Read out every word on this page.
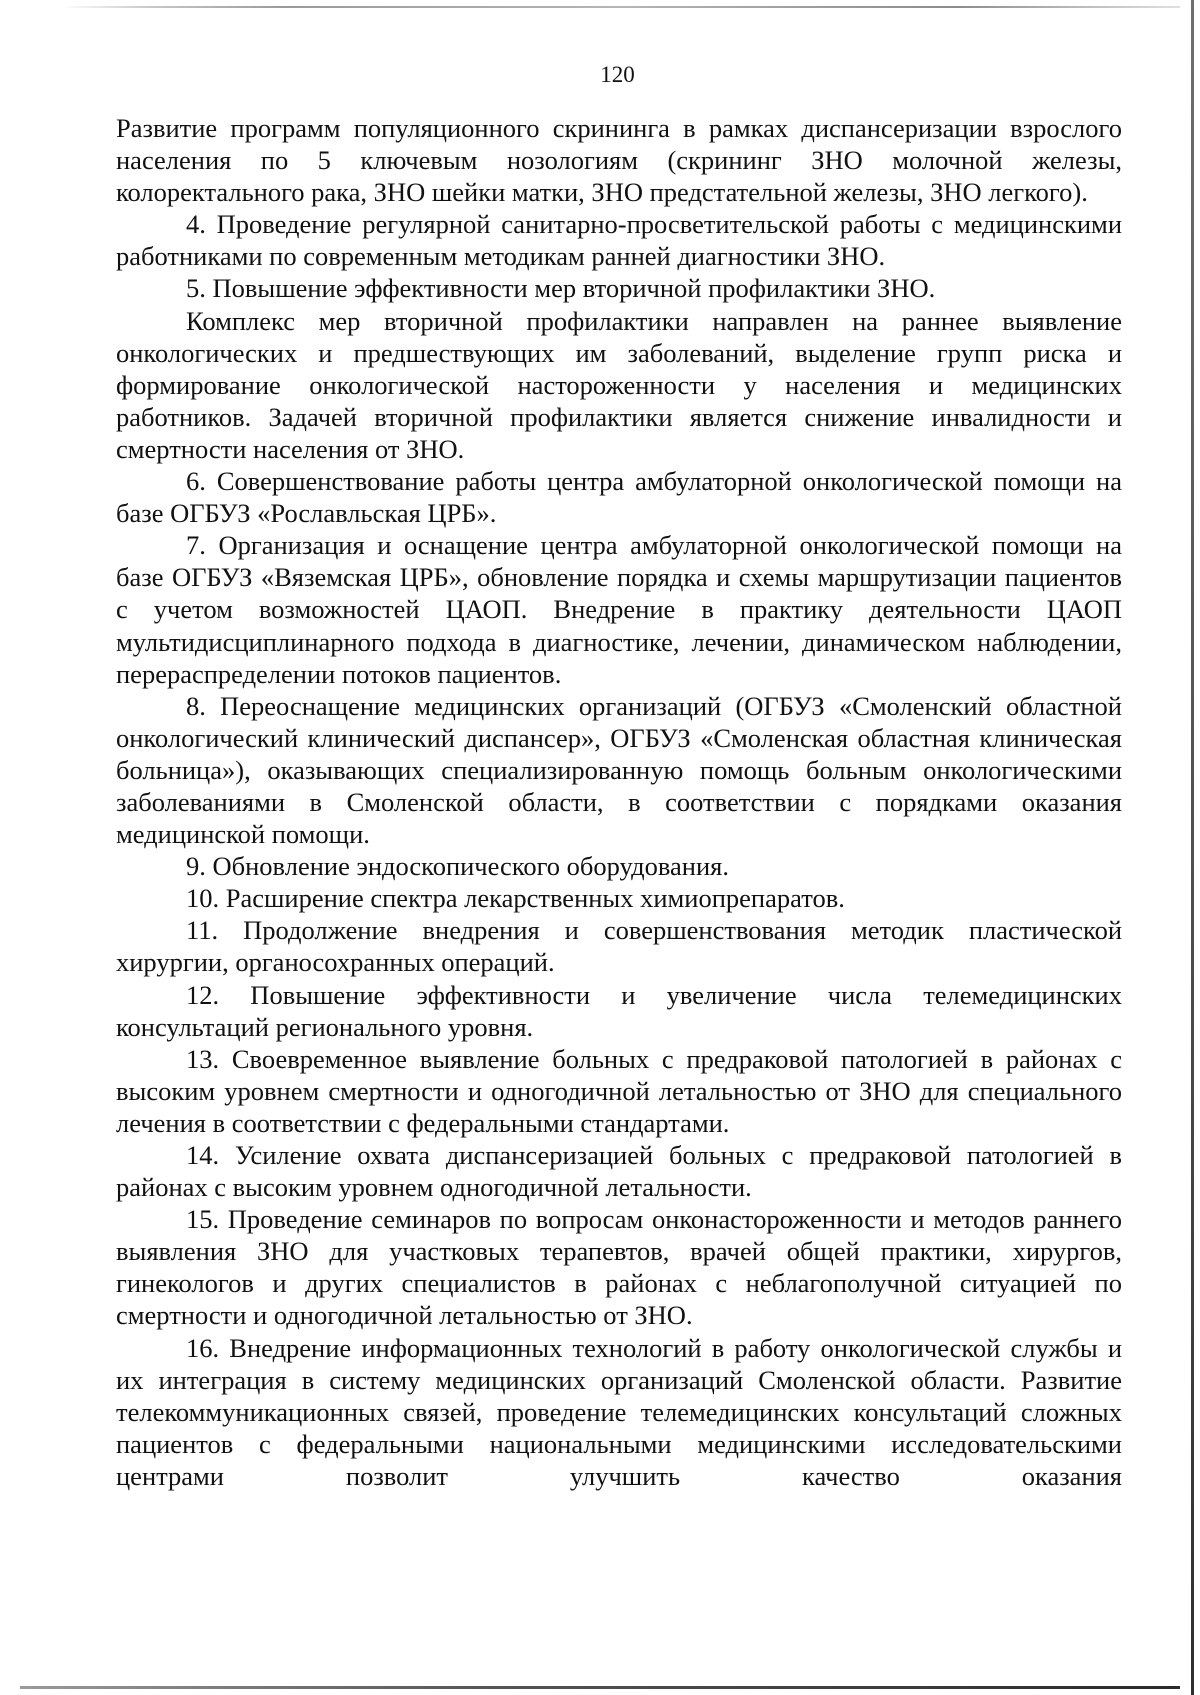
120

Развитие программ популяционного скрининга в рамках диспансеризации взрослого населения по 5 ключевым нозологиям (скрининг ЗНО молочной железы, колоректального рака, ЗНО шейки матки, ЗНО предстательной железы, ЗНО легкого).

4. Проведение регулярной санитарно-просветительской работы с медицинскими работниками по современным методикам ранней диагностики ЗНО.

5. Повышение эффективности мер вторичной профилактики ЗНО.

Комплекс мер вторичной профилактики направлен на раннее выявление онкологических и предшествующих им заболеваний, выделение групп риска и формирование онкологической настороженности у населения и медицинских работников. Задачей вторичной профилактики является снижение инвалидности и смертности населения от ЗНО.

6. Совершенствование работы центра амбулаторной онкологической помощи на базе ОГБУЗ «Рославльская ЦРБ».

7. Организация и оснащение центра амбулаторной онкологической помощи на базе ОГБУЗ «Вяземская ЦРБ», обновление порядка и схемы маршрутизации пациентов с учетом возможностей ЦАОП. Внедрение в практику деятельности ЦАОП мультидисциплинарного подхода в диагностике, лечении, динамическом наблюдении, перераспределении потоков пациентов.

8. Переоснащение медицинских организаций (ОГБУЗ «Смоленский областной онкологический клинический диспансер», ОГБУЗ «Смоленская областная клиническая больница»), оказывающих специализированную помощь больным онкологическими заболеваниями в Смоленской области, в соответствии с порядками оказания медицинской помощи.

9. Обновление эндоскопического оборудования.

10. Расширение спектра лекарственных химиопрепаратов.

11. Продолжение внедрения и совершенствования методик пластической хирургии, органосохранных операций.

12. Повышение эффективности и увеличение числа телемедицинских консультаций регионального уровня.

13. Своевременное выявление больных с предраковой патологией в районах с высоким уровнем смертности и одногодичной летальностью от ЗНО для специального лечения в соответствии с федеральными стандартами.

14. Усиление охвата диспансеризацией больных с предраковой патологией в районах с высоким уровнем одногодичной летальности.

15. Проведение семинаров по вопросам онконастороженности и методов раннего выявления ЗНО для участковых терапевтов, врачей общей практики, хирургов, гинекологов и других специалистов в районах с неблагополучной ситуацией по смертности и одногодичной летальностью от ЗНО.

16. Внедрение информационных технологий в работу онкологической службы и их интеграция в систему медицинских организаций Смоленской области. Развитие телекоммуникационных связей, проведение телемедицинских консультаций сложных пациентов с федеральными национальными медицинскими исследовательскими центрами позволит улучшить качество оказания
